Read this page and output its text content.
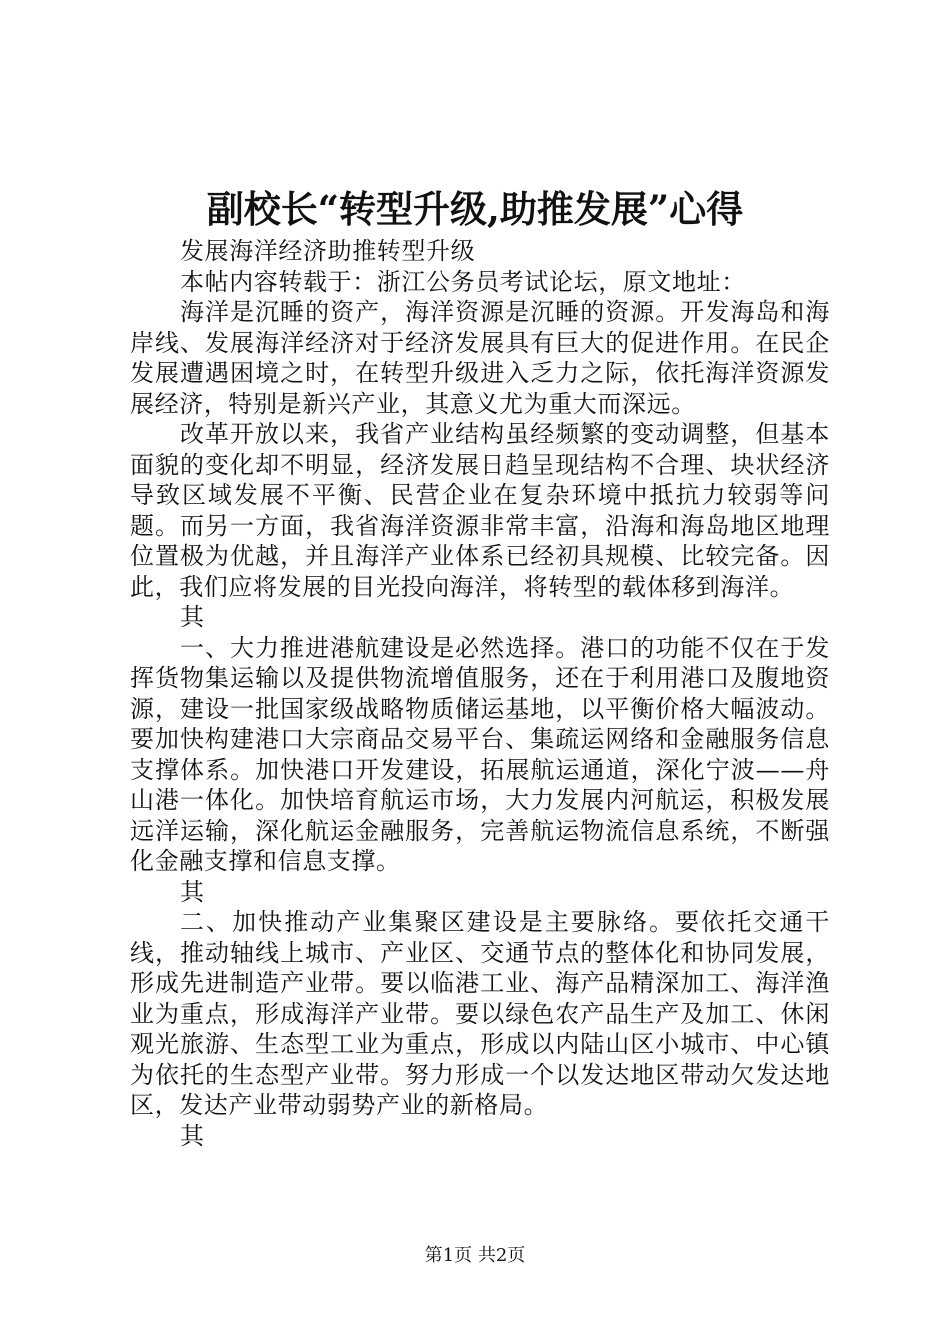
副校长“转型升级,助推发展”心得

发展海洋经济助推转型升级

本帖内容转载于：浙江公务员考试论坛，原文地址：

海洋是沉睡的资产，海洋资源是沉睡的资源。开发海岛和海岸线、发展海洋经济对于经济发展具有巨大的促进作用。在民企发展遭遇困境之时，在转型升级进入乏力之际，依托海洋资源发展经济，特别是新兴产业，其意义尤为重大而深远。

改革开放以来，我省产业结构虽经频繁的变动调整，但基本面貌的变化却不明显，经济发展日趋呈现结构不合理、块状经济导致区域发展不平衡、民营企业在复杂环境中抵抗力较弱等问题。而另一方面，我省海洋资源非常丰富，沿海和海岛地区地理位置极为优越，并且海洋产业体系已经初具规模、比较完备。因此，我们应将发展的目光投向海洋，将转型的载体移到海洋。

其

一、大力推进港航建设是必然选择。港口的功能不仅在于发挥货物集运输以及提供物流增值服务，还在于利用港口及腹地资源，建设一批国家级战略物质储运基地，以平衡价格大幅波动。要加快构建港口大宗商品交易平台、集疏运网络和金融服务信息支撑体系。加快港口开发建设，拓展航运通道，深化宁波——舟山港一体化。加快培育航运市场，大力发展内河航运，积极发展远洋运输，深化航运金融服务，完善航运物流信息系统，不断强化金融支撑和信息支撑。

其

二、加快推动产业集聚区建设是主要脉络。要依托交通干线，推动轴线上城市、产业区、交通节点的整体化和协同发展，形成先进制造产业带。要以临港工业、海产品精深加工、海洋渔业为重点，形成海洋产业带。要以绿色农产品生产及加工、休闲观光旅游、生态型工业为重点，形成以内陆山区小城市、中心镇为依托的生态型产业带。努力形成一个以发达地区带动欠发达地区，发达产业带动弱势产业的新格局。

其

第1页 共2页
